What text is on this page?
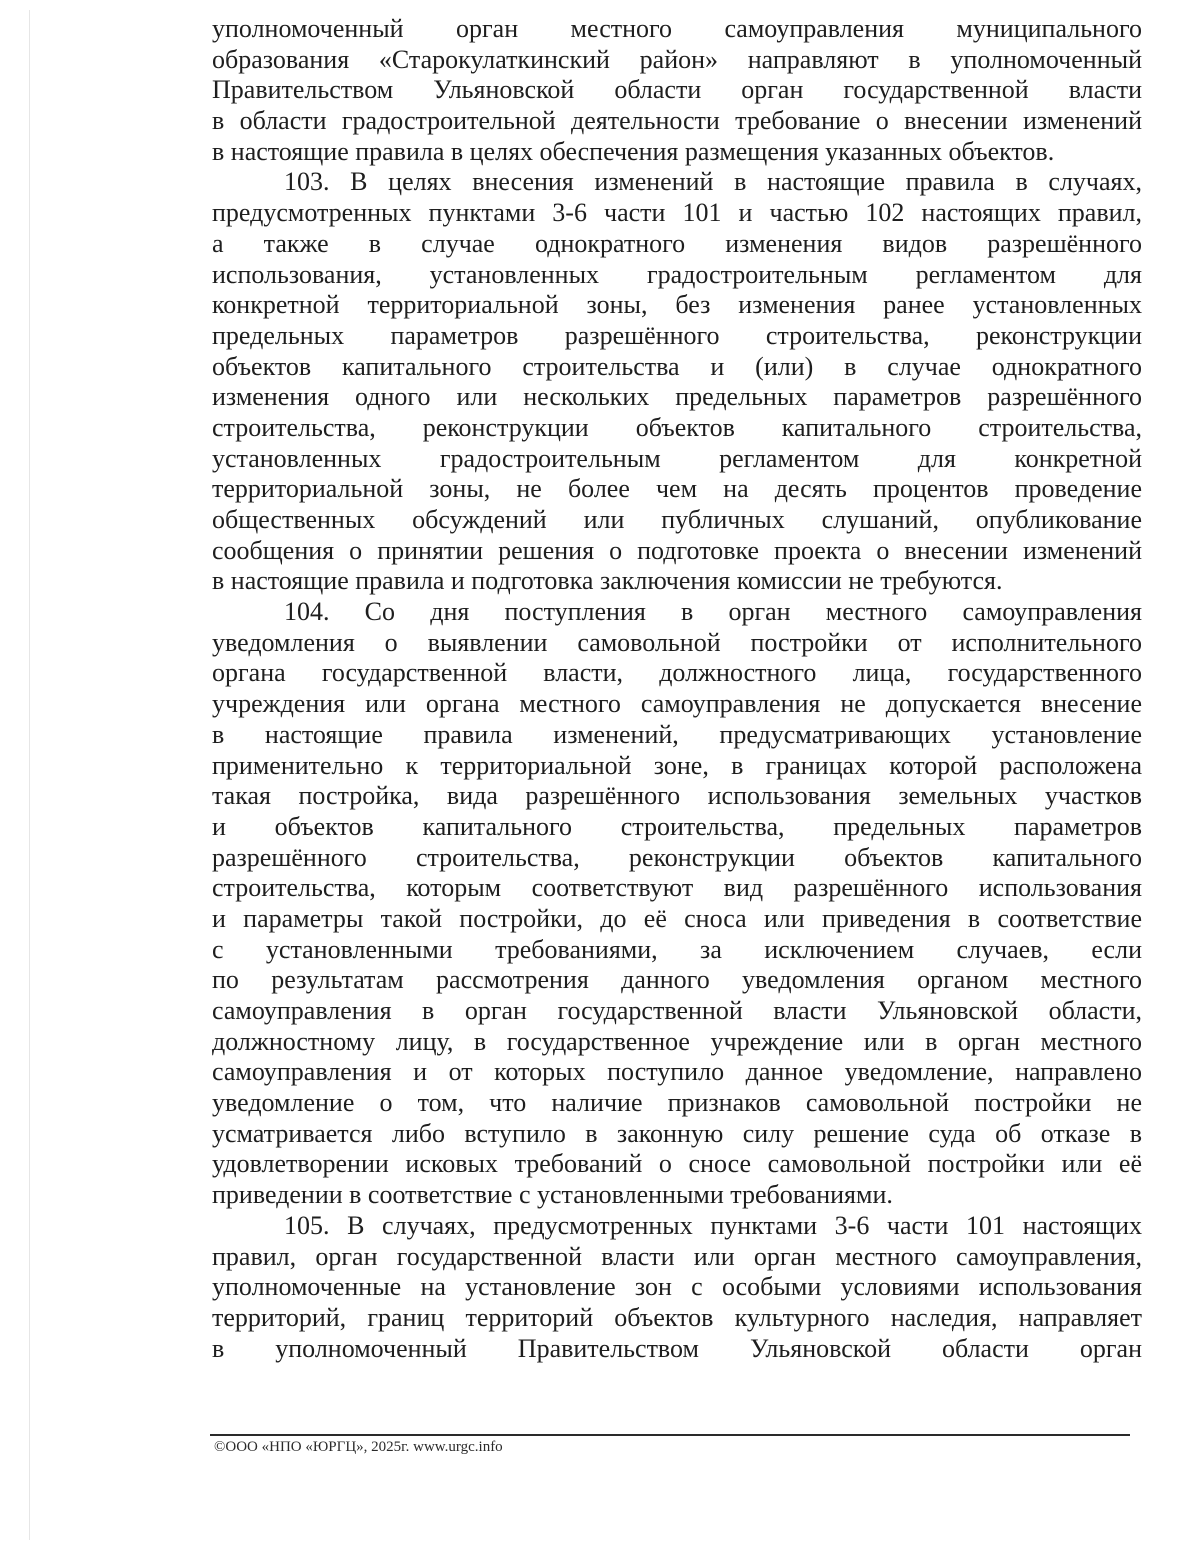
уполномоченный орган местного самоуправления муниципального
образования «Старокулаткинский район» направляют в уполномоченный
Правительством Ульяновской области орган государственной власти
в области градостроительной деятельности требование о внесении изменений
в настоящие правила в целях обеспечения размещения указанных объектов.
103. В целях внесения изменений в настоящие правила в случаях,
предусмотренных пунктами 3-6 части 101 и частью 102 настоящих правил,
а также в случае однократного изменения видов разрешённого
использования, установленных градостроительным регламентом для
конкретной территориальной зоны, без изменения ранее установленных
предельных параметров разрешённого строительства, реконструкции
объектов капитального строительства и (или) в случае однократного
изменения одного или нескольких предельных параметров разрешённого
строительства, реконструкции объектов капитального строительства,
установленных градостроительным регламентом для конкретной
территориальной зоны, не более чем на десять процентов проведение
общественных обсуждений или публичных слушаний, опубликование
сообщения о принятии решения о подготовке проекта о внесении изменений
в настоящие правила и подготовка заключения комиссии не требуются.
104. Со дня поступления в орган местного самоуправления
уведомления о выявлении самовольной постройки от исполнительного
органа государственной власти, должностного лица, государственного
учреждения или органа местного самоуправления не допускается внесение
в настоящие правила изменений, предусматривающих установление
применительно к территориальной зоне, в границах которой расположена
такая постройка, вида разрешённого использования земельных участков
и объектов капитального строительства, предельных параметров
разрешённого строительства, реконструкции объектов капитального
строительства, которым соответствуют вид разрешённого использования
и параметры такой постройки, до её сноса или приведения в соответствие
с установленными требованиями, за исключением случаев, если
по результатам рассмотрения данного уведомления органом местного
самоуправления в орган государственной власти Ульяновской области,
должностному лицу, в государственное учреждение или в орган местного
самоуправления и от которых поступило данное уведомление, направлено
уведомление о том, что наличие признаков самовольной постройки не
усматривается либо вступило в законную силу решение суда об отказе в
удовлетворении исковых требований о сносе самовольной постройки или её
приведении в соответствие с установленными требованиями.
105. В случаях, предусмотренных пунктами 3-6 части 101 настоящих
правил, орган государственной власти или орган местного самоуправления,
уполномоченные на установление зон с особыми условиями использования
территорий, границ территорий объектов культурного наследия, направляет
в уполномоченный Правительством Ульяновской области орган
©ООО «НПО «ЮРГЦ», 2025г. www.urgc.info
